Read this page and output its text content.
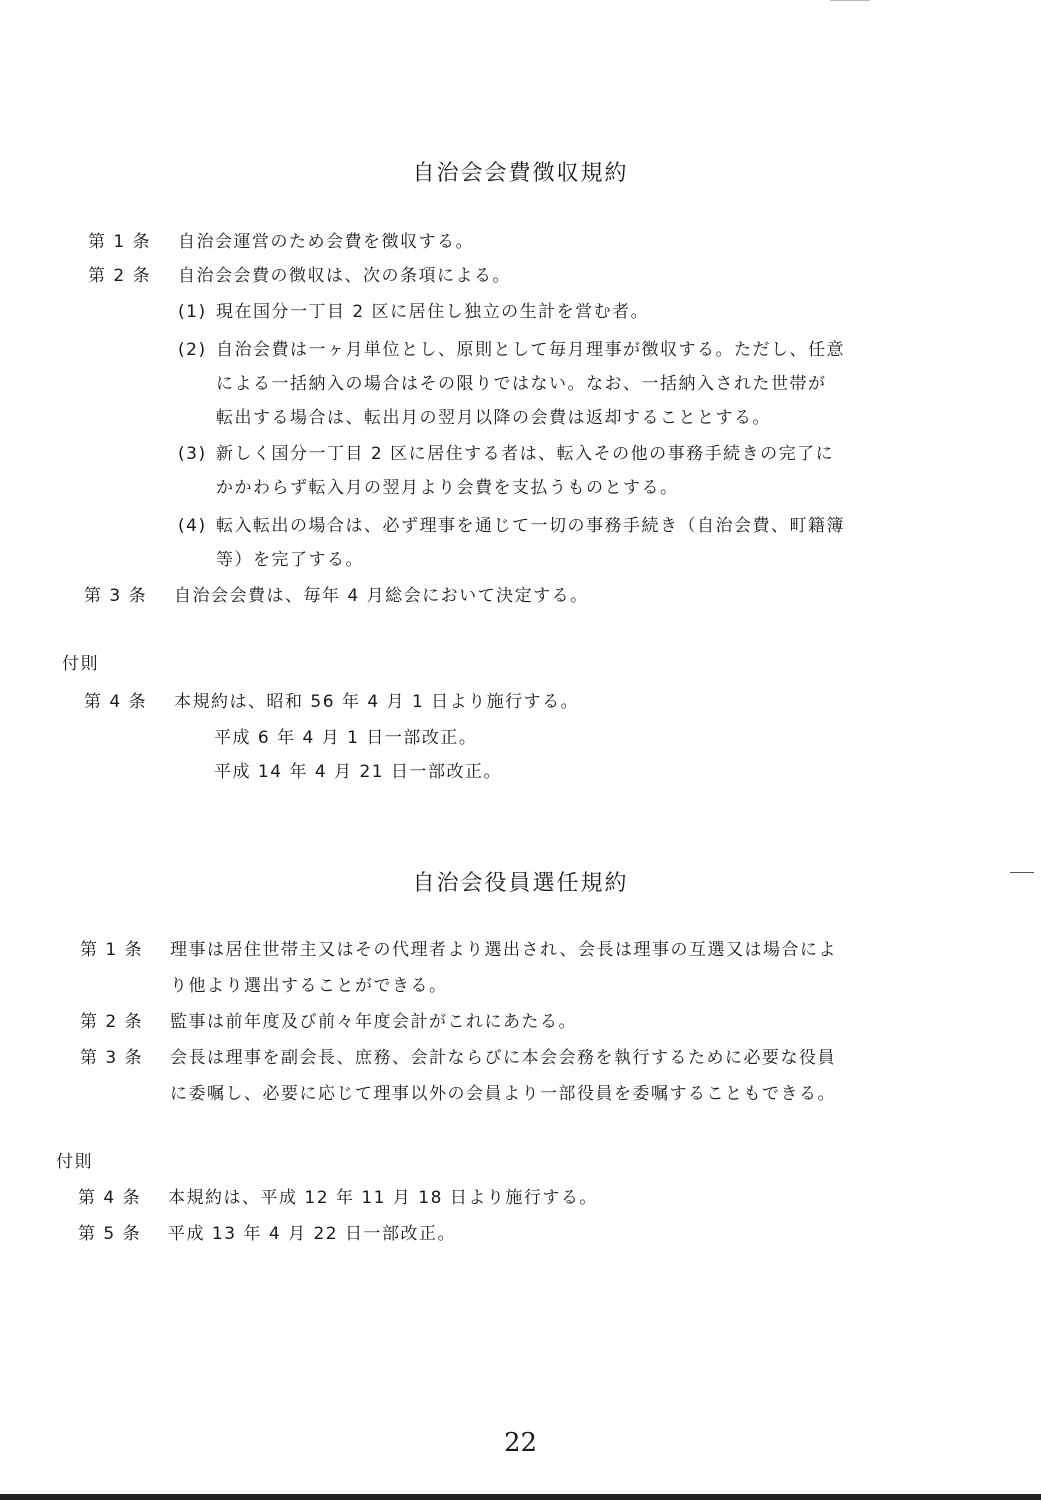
自治会会費徴収規約
第 1 条 自治会運営のため会費を徴収する。
第 2 条 自治会会費の徴収は、次の条項による。
(1) 現在国分一丁目 2 区に居住し独立の生計を営む者。
(2) 自治会費は一ヶ月単位とし、原則として毎月理事が徴収する。ただし、任意
による一括納入の場合はその限りではない。なお、一括納入された世帯が
転出する場合は、転出月の翌月以降の会費は返却することとする。
(3) 新しく国分一丁目 2 区に居住する者は、転入その他の事務手続きの完了に
かかわらず転入月の翌月より会費を支払うものとする。
(4) 転入転出の場合は、必ず理事を通じて一切の事務手続き（自治会費、町籍簿
等）を完了する。
第 3 条 自治会会費は、毎年 4 月総会において決定する。
付則
第 4 条 本規約は、昭和 56 年 4 月 1 日より施行する。
平成 6 年 4 月 1 日一部改正。
平成 14 年 4 月 21 日一部改正。
自治会役員選任規約
第 1 条 理事は居住世帯主又はその代理者より選出され、会長は理事の互選又は場合によ
り他より選出することができる。
第 2 条 監事は前年度及び前々年度会計がこれにあたる。
第 3 条 会長は理事を副会長、庶務、会計ならびに本会会務を執行するために必要な役員
に委嘱し、必要に応じて理事以外の会員より一部役員を委嘱することもできる。
付則
第 4 条 本規約は、平成 12 年 11 月 18 日より施行する。
第 5 条 平成 13 年 4 月 22 日一部改正。
22
